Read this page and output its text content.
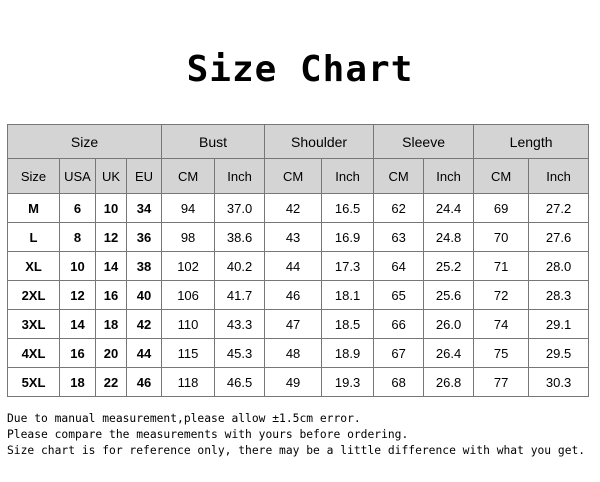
Size Chart
Size				Bust		Shoulder		Sleeve		Length	
Size	USA	UK	EU	CM	Inch	CM	Inch	CM	Inch	CM	Inch
M	6	10	34	94	37.0	42	16.5	62	24.4	69	27.2
L	8	12	36	98	38.6	43	16.9	63	24.8	70	27.6
XL	10	14	38	102	40.2	44	17.3	64	25.2	71	28.0
2XL	12	16	40	106	41.7	46	18.1	65	25.6	72	28.3
3XL	14	18	42	110	43.3	47	18.5	66	26.0	74	29.1
4XL	16	20	44	115	45.3	48	18.9	67	26.4	75	29.5
5XL	18	22	46	118	46.5	49	19.3	68	26.8	77	30.3
Due to manual measurement,please allow ±1.5cm error.
Please compare the measurements with yours before ordering.
Size chart is for reference only, there may be a little difference with what you get.
